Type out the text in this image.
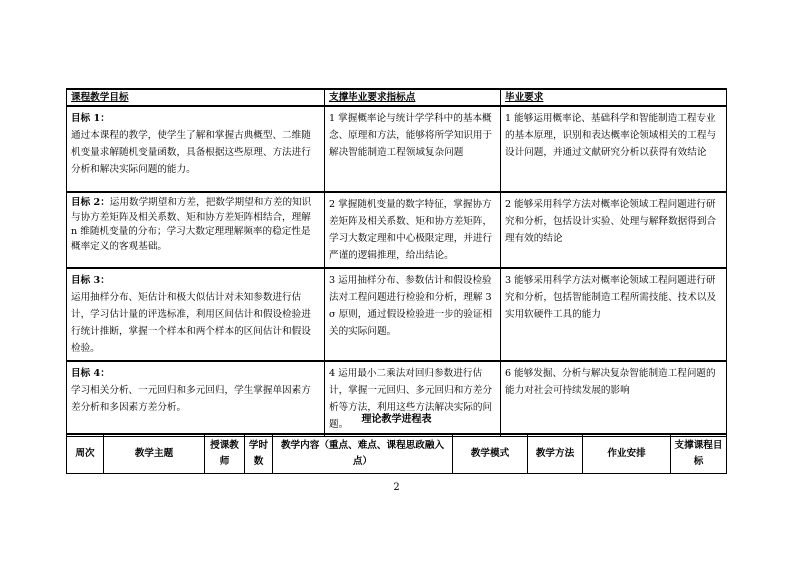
课程教学目标	支撑毕业要求指标点	毕业要求

目标 1：
通过本课程的教学，使学生了解和掌握古典概型、二维随机变量求解随机变量函数，具备根据这些原理、方法进行分析和解决实际问题的能力。	1 掌握概率论与统计学学科中的基本概念、原理和方法，能够将所学知识用于解决智能制造工程领域复杂问题	1 能够运用概率论、基础科学和智能制造工程专业的基本原理，识别和表达概率论领域相关的工程与设计问题，并通过文献研究分析以获得有效结论
目标 2：运用数学期望和方差，把数学期望和方差的知识与协方差矩阵及相关系数、矩和协方差矩阵相结合，理解 n 维随机变量的分布；学习大数定理理解频率的稳定性是概率定义的客观基础。	2 掌握随机变量的数字特征，掌握协方差矩阵及相关系数、矩和协方差矩阵，学习大数定理和中心极限定理，并进行严谨的逻辑推理，给出结论。	2 能够采用科学方法对概率论领域工程问题进行研究和分析，包括设计实验、处理与解释数据得到合理有效的结论

目标 3：
运用抽样分布、矩估计和极大似估计对未知参数进行估计，学习估计量的评选标准，利用区间估计和假设检验进行统计推断，掌握一个样本和两个样本的区间估计和假设检验。	3 运用抽样分布、参数估计和假设检验法对工程问题进行检验和分析，理解 3σ 原则，通过假设检验进一步的验证相关的实际问题。	3 能够采用科学方法对概率论领域工程问题进行研究和分析，包括智能制造工程所需技能、技术以及实用软硬件工具的能力

目标 4：
学习相关分析、一元回归和多元回归，学生掌握单因素方差分析和多因素方差分析。	4 运用最小二乘法对回归参数进行估计，掌握一元回归、多元回归和方差分析等方法，利用这些方法解决实际的问题。	6 能够发掘、分析与解决复杂智能制造工程问题的能力对社会可持续发展的影响
理论教学进程表
周次	教学主题	授课教师	学时数	教学内容（重点、难点、课程思政融入点）	教学模式	教学方法	作业安排	支撑课程目标
2
